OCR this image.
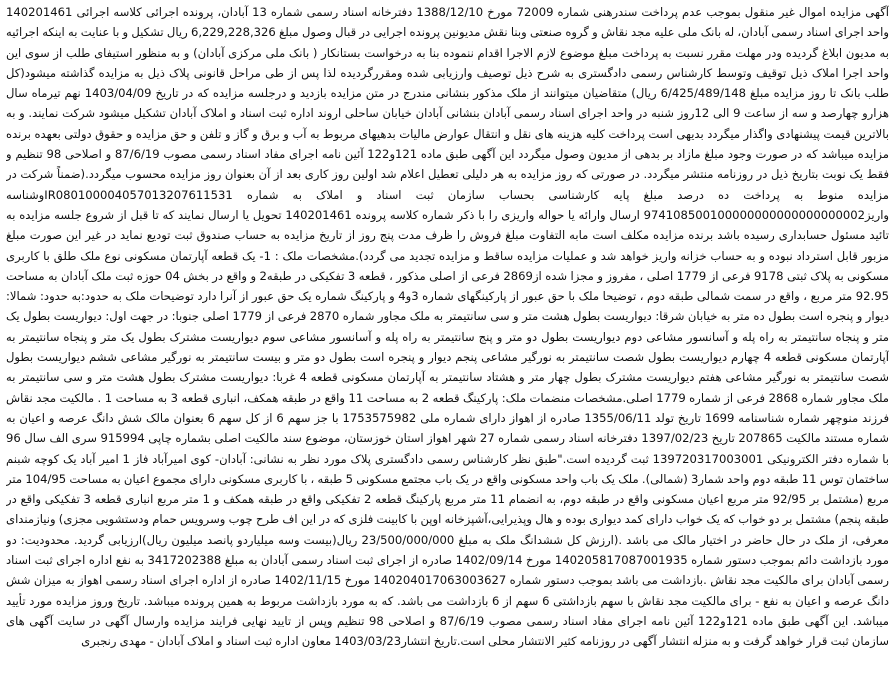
آگهی مزایده اموال غیر منقول بموجب عدم پرداخت سندرهنی شماره 72009 مورخ 1388/12/10 دفترخانه اسناد رسمی شماره 13 آبادان، پرونده اجرائی کلاسه اجرائی 140201461 واحد اجرای اسناد رسمی آبادان، له بانک ملی علیه مجد نقاش و گروه صنعتی وبنا نقش مدیونین پرونده اجرایی در قبال وصول مبلغ 6,229,228,326 ریال تشکیل و با عنایت به اینکه اجرائیه به مدیون ابلاغ گردیده ودر مهلت مقرر نسبت به پرداخت مبلغ موضوع لازم الاجرا اقدام ننموده بنا به درخواست بستانکار ( بانک ملی مرکزی آبادان) و به منظور استیفای طلب از سوی این واحد اجرا املاک ذیل توقیف وتوسط کارشناس رسمی دادگستری به شرح ذیل توصیف وارزیابی شده ومقررگردیده لذا پس از طی مراحل قانونی پلاک ذیل به مزایده گذاشته میشود(کل طلب بانک تا روز مزایده مبلغ 6/425/489/148 ریال) متقاضیان میتوانند از ملک مذکور بنشانی مندرج در متن مزایده بازدید و درجلسه مزایده که در تاریخ 1403/04/09 نهم تیرماه سال هزارو چهارصد و سه از ساعت 9 الی 12روز شنبه در واحد اجرای اسناد رسمی آبادان بنشانی آبادان خیابان ساحلی اروند اداره ثبت اسناد و املاک آبادان تشکیل میشود شرکت نمایند. و به بالاترین قیمت پیشنهادی واگذار میگردد بدیهی است پرداخت کلیه هزینه های نقل و انتقال عوارض مالیات بدهیهای مربوط به آب و برق و گاز و تلفن و حق مزایده و حقوق دولتی بعهده برنده مزایده میباشد که در صورت وجود مبلغ مازاد بر بدهی از مدیون وصول میگردد این آگهی طبق ماده 121و122 آئین نامه اجرای مفاد اسناد رسمی مصوب 87/6/19 و اصلاحی 98 تنظیم و فقط یک نوبت بتاریخ ذیل در روزنامه منتشر میگردد. در صورتی که روز مزایده به هر دلیلی تعطیل اعلام شد اولین روز کاری بعد از آن بعنوان روز مزایده محسوب میگردد.(ضمناً شرکت در مزایده منوط به پرداخت ده درصد مبلغ پایه کارشناسی بحساب سازمان ثبت اسناد و املاک به شماره IR080100004057013207611531وشناسه واریز974108500100000000000000000002 ارسال وارائه یا حواله واریزی را با ذکر شماره کلاسه پرونده 140201461 تحویل یا ارسال نمایند که تا قبل از شروع جلسه مزایده به تائید مسئول حسابداری رسیده باشد برنده مزایده مکلف است مابه التفاوت مبلغ فروش را ظرف مدت پنج روز از تاریخ مزایده به حساب صندوق ثبت تودیع نماید در غیر این صورت مبلغ مزبور قابل استرداد نبوده و به حساب خزانه واریز خواهد شد و عملیات مزایده ساقط و مزایده تجدید می گردد).مشخصات ملک : 1- یک قطعه آپارتمان مسکونی نوع ملک طلق با کاربری مسکونی به پلاک ثبتی 9178 فرعی از 1779 اصلی ، مفروز و مجزا شده از2869 فرعی از اصلی مذکور ، قطعه 3 تفکیکی در طبقه2 و واقع در بخش 04 حوزه ثبت ملک آبادان به مساحت 92.95 متر مربع ، واقع در سمت شمالی طبقه دوم ، توضیحا ملک با حق عبور از پارکینگهای شماره 3و4 و پارکینگ شماره یک حق عبور از آنرا دارد توضیحات ملک به حدود:به حدود: شمالا: دیوار و پنجره است بطول ده متر به خیابان شرقا: دیواریست بطول هشت متر و سی سانتیمتر به ملک مجاور شماره 2870 فرعی از 1779 اصلی جنوبا: در جهت اول: دیواریست بطول یک متر و پنجاه سانتیمتر به راه پله و آسانسور مشاعی دوم دیواریست بطول دو متر و پنج سانتیمتر به راه پله و آسانسور مشاعی سوم دیواریست مشترک بطول یک متر و پنجاه سانتیمتر به آپارتمان مسکونی قطعه 4 چهارم دیواریست بطول شصت سانتیمتر به نورگیر مشاعی پنجم دیوار و پنجره است بطول دو متر و بیست سانتیمتر به نورگیر مشاعی ششم دیواریست بطول شصت سانتیمتر به نورگیر مشاعی هفتم دیواریست مشترک بطول چهار متر و هشتاد سانتیمتر به آپارتمان مسکونی قطعه 4 غربا: دیواریست مشترک بطول هشت متر و سی سانتیمتر به ملک مجاور شماره 2868 فرعی از شماره 1779 اصلی.مشخصات منضمات ملک: پارکینگ قطعه 2 به مساحت 11 واقع در طبقه همکف، انباری قطعه 3 به مساحت 1 . مالکیت مجد نقاش فرزند منوچهر شماره شناسنامه 1699 تاریخ تولد 1355/06/11 صادره از اهواز دارای شماره ملی 1753575982 با جز سهم 6 از کل سهم 6 بعنوان مالک شش دانگ عرصه و اعیان به شماره مستند مالکیت 207865 تاریخ 1397/02/23 دفترخانه اسناد رسمی شماره 27 شهر اهواز استان خوزستان، موضوع سند مالکیت اصلی بشماره چاپی 915994 سری الف سال 96 با شماره دفتر الکترونیکی 139720317003001 ثبت گردیده است."طبق نظر کارشناس رسمی دادگستری پلاک مورد نظر به نشانی: آبادان- کوی امیرآباد فاز 1 امیر آباد یک کوچه شبنم ساختمان توس 11 طبقه دوم واحد شمار3 (شمالی). ملک یک باب واحد مسکونی واقع در یک باب مجتمع مسکونی 5 طبقه ، با کاربری مسکونی دارای مجموع اعیان به مساحت 104/95 متر مربع (مشتمل بر 92/95 متر مربع اعیان مسکونی واقع در طبقه دوم، به انضمام 11 متر مربع پارکینگ قطعه 2 تفکیکی واقع در طبقه همکف و 1 متر مربع انباری قطعه 3 تفکیکی واقع در طبقه پنجم) مشتمل بر دو خواب که یک خواب دارای کمد دیواری بوده و هال وپذیرایی،آشپزخانه اوپن با کابینت فلزی که در این اف طرح چوب وسرویس حمام ودستشویی مجزی) ونیازمندای معرفی، از ملک در حال حاضر در اختیار مالک می باشد .(ارزش کل ششدانگ ملک به مبلغ 23/500/000/000 ریال(بیست وسه میلیاردو پانصد میلیون ریال)ارزیابی گردید. محدودیت: دو مورد بازداشت دائم بموجب دستور شماره 140205817087001935 مورخ 1402/09/14 صادره از اجرای ثبت اسناد رسمی آبادان به مبلغ 3417202388 به نفع اداره اجرای ثبت اسناد رسمی آبادان برای مالکیت مجد نقاش .بازداشت می باشد بموجب دستور شماره 140204017063003627 مورخ 1402/11/15 صادره از اداره اجرای اسناد رسمی اهواز به میزان شش دانگ عرصه و اعیان به نفع - برای مالکیت مجد نقاش با سهم بازداشتی 6 سهم از 6 بازداشت می باشد. که به مورد بازداشت مربوط به همین پرونده میباشد. تاریخ وروز مزایده مورد تأیید میباشد. این آگهی طبق ماده 121و122 آئین نامه اجرای مفاد اسناد رسمی مصوب 87/6/19 و اصلاحی 98 تنظیم وپس از تایید نهایی فرایند مزایده وارسال آگهی در سایت آگهی های سازمان ثبت قرار خواهد گرفت و به منزله انتشار آگهی در روزنامه کثیر الانتشار محلی است.تاریخ انتشار1403/03/23 معاون اداره ثبت اسناد و املاک آبادان - مهدی رنجبری
